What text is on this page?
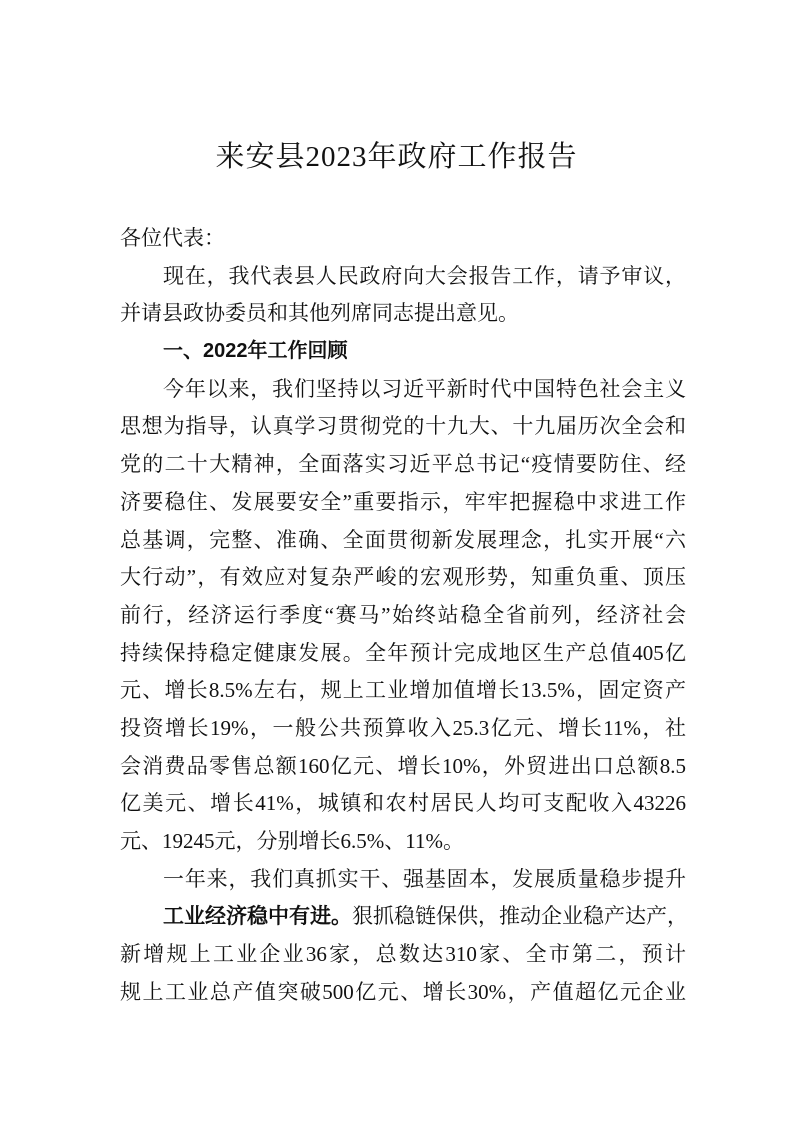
来安县2023年政府工作报告
各位代表：
现在，我代表县人民政府向大会报告工作，请予审议，
并请县政协委员和其他列席同志提出意见。
一、2022年工作回顾
今年以来，我们坚持以习近平新时代中国特色社会主义
思想为指导，认真学习贯彻党的十九大、十九届历次全会和
党的二十大精神，全面落实习近平总书记“疫情要防住、经
济要稳住、发展要安全”重要指示，牢牢把握稳中求进工作
总基调，完整、准确、全面贯彻新发展理念，扎实开展“六
大行动”，有效应对复杂严峻的宏观形势，知重负重、顶压
前行，经济运行季度“赛马”始终站稳全省前列，经济社会
持续保持稳定健康发展。全年预计完成地区生产总值405亿
元、增长8.5%左右，规上工业增加值增长13.5%，固定资产
投资增长19%，一般公共预算收入25.3亿元、增长11%，社
会消费品零售总额160亿元、增长10%，外贸进出口总额8.5
亿美元、增长41%，城镇和农村居民人均可支配收入43226
元、19245元，分别增长6.5%、11%。
一年来，我们真抓实干、强基固本，发展质量稳步提升
工业经济稳中有进。狠抓稳链保供，推动企业稳产达产，
新增规上工业企业36家，总数达310家、全市第二，预计
规上工业总产值突破500亿元、增长30%，产值超亿元企业
